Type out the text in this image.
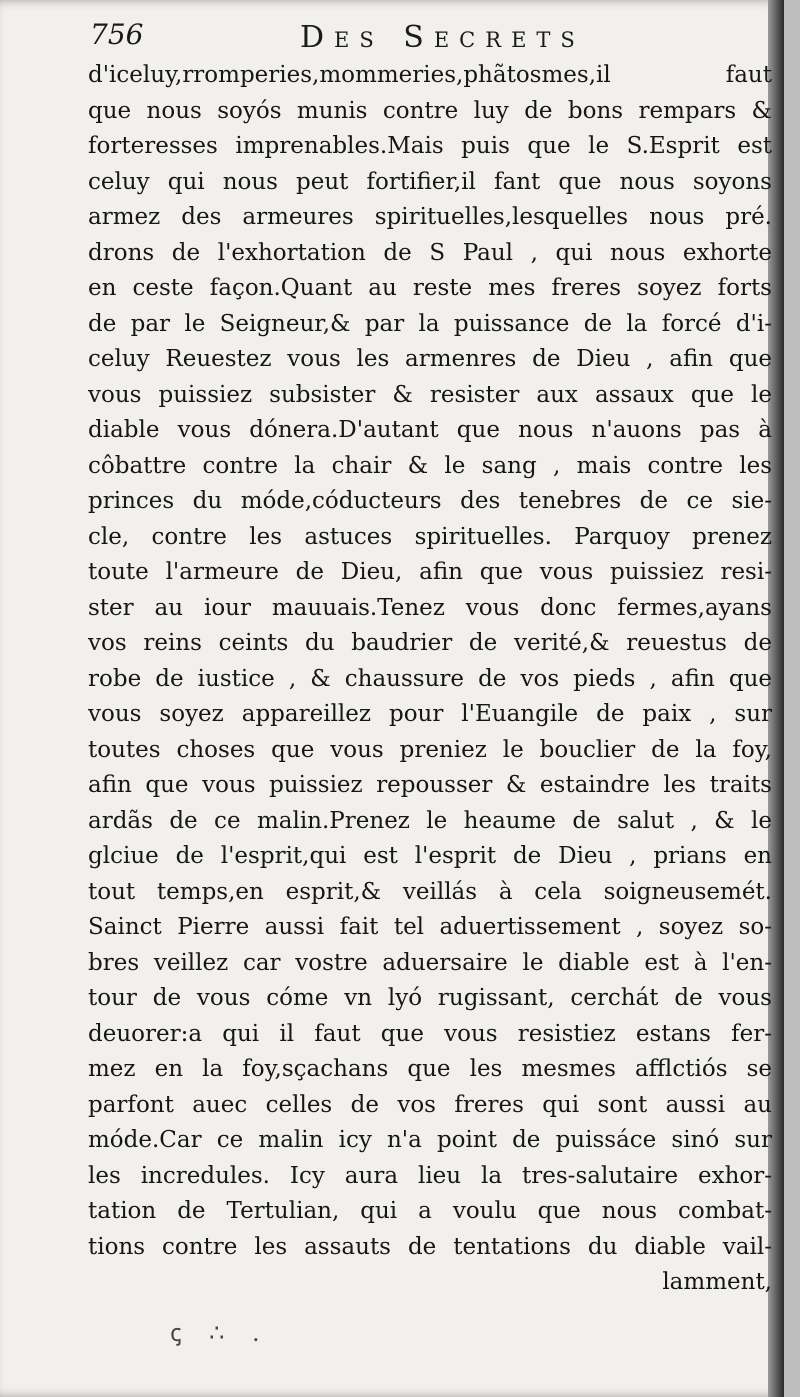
756	Des Secrets
d'iceluy,rromperies,mommeries,phãtosmes,il faut
que nous soyós munis contre luy de bons rempars &
forteresses imprenables.Mais puis que le S.Esprit est
celuy qui nous peut fortifier,il fant que nous soyons
armez des armeures spirituelles,lesquelles nous pré.
drons de l'exhortation de S Paul , qui nous exhorte
en ceste façon.Quant au reste mes freres soyez forts
de par le Seigneur,& par la puissance de la forcé d'i-
celuy Reuestez vous les armenres de Dieu , afin que
vous puissiez subsister & resister aux assaux que le
diable vous dónera.D'autant que nous n'auons pas à
côbattre contre la chair & le sang , mais contre les
princes du móde,códucteurs des tenebres de ce sie-
cle, contre les astuces spirituelles. Parquoy prenez
toute l'armeure de Dieu, afin que vous puissiez resi-
ster au iour mauuais.Tenez vous donc fermes,ayans
vos reins ceints du baudrier de verité,& reuestus de
robe de iustice , & chaussure de vos pieds , afin que
vous soyez appareillez pour l'Euangile de paix , sur
toutes choses que vous preniez le bouclier de la foy,
afin que vous puissiez repousser & estaindre les traits
ardãs de ce malin.Prenez le heaume de salut , & le
glciue de l'esprit,qui est l'esprit de Dieu , prians en
tout temps,en esprit,& veillás à cela soigneusemét.
Sainct Pierre aussi fait tel aduertissement , soyez so-
bres veillez car vostre aduersaire le diable est à l'en-
tour de vous cóme vn lyó rugissant, cerchát de vous
deuorer:a qui il faut que vous resistiez estans fer-
mez en la foy,sçachans que les mesmes afflctiós se
parfont auec celles de vos freres qui sont aussi au
móde.Car ce malin icy n'a point de puissáce sinó sur
les incredules. Icy aura lieu la tres-salutaire exhor-
tation de Tertulian, qui a voulu que nous combat-
tions contre les assauts de tentations du diable vail-
lamment,
ꞔ ∴ .
